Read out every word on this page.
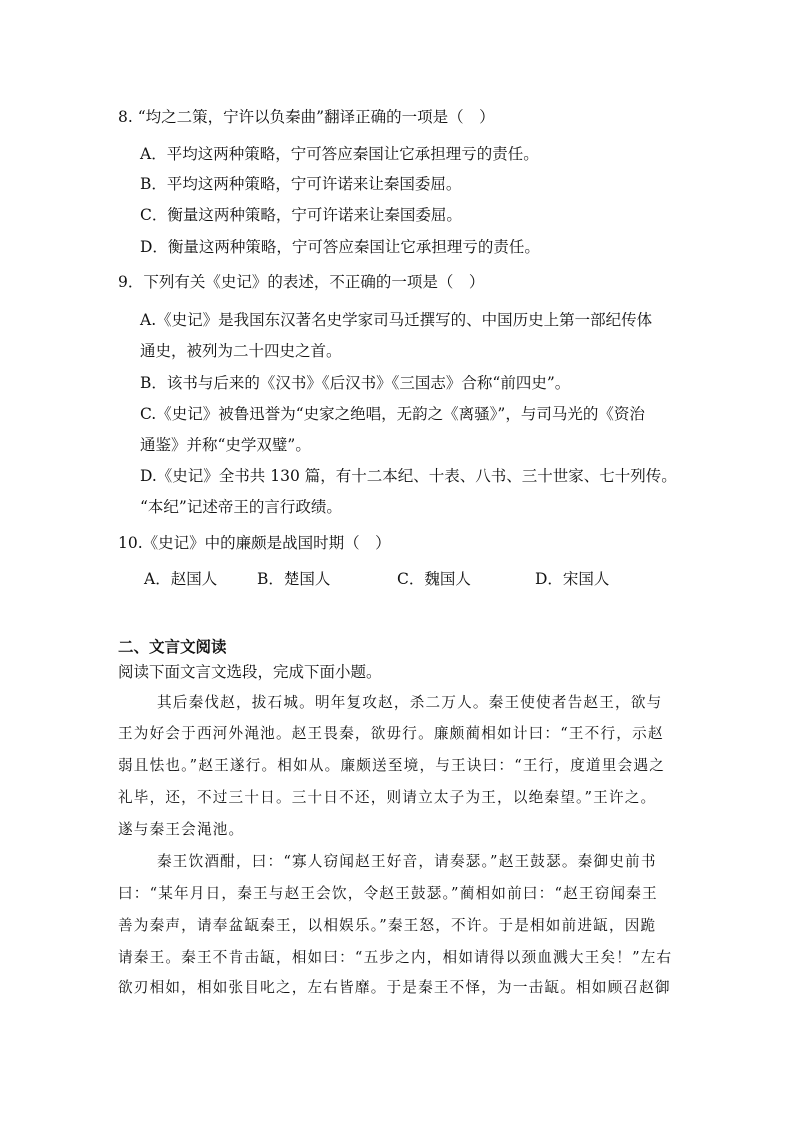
8. “均之二策，宁许以负秦曲”翻译正确的一项是（　）
A．平均这两种策略，宁可答应秦国让它承担理亏的责任。
B．平均这两种策略，宁可许诺来让秦国委屈。
C．衡量这两种策略，宁可许诺来让秦国委屈。
D．衡量这两种策略，宁可答应秦国让它承担理亏的责任。
9．下列有关《史记》的表述，不正确的一项是（　）
A.《史记》是我国东汉著名史学家司马迁撰写的、中国历史上第一部纪传体
通史，被列为二十四史之首。
B．该书与后来的《汉书》《后汉书》《三国志》合称“前四史”。
C.《史记》被鲁迅誉为“史家之绝唱，无韵之《离骚》”，与司马光的《资治
通鉴》并称“史学双璧”。
D.《史记》全书共 130 篇，有十二本纪、十表、八书、三十世家、七十列传。
“本纪”记述帝王的言行政绩。
10.《史记》中的廉颇是战国时期（　）
A．赵国人	B．楚国人	C．魏国人	D．宋国人
二、文言文阅读
阅读下面文言文选段，完成下面小题。
其后秦伐赵，拔石城。明年复攻赵，杀二万人。秦王使使者告赵王，欲与
王为好会于西河外渑池。赵王畏秦，欲毋行。廉颇蔺相如计曰：“王不行，示赵
弱且怯也。”赵王遂行。相如从。廉颇送至境，与王诀曰：“王行，度道里会遇之
礼毕，还，不过三十日。三十日不还，则请立太子为王，以绝秦望。”王许之。
遂与秦王会渑池。
秦王饮酒酣，曰：“寡人窃闻赵王好音，请奏瑟。”赵王鼓瑟。秦御史前书
曰：“某年月日，秦王与赵王会饮，令赵王鼓瑟。”蔺相如前曰：“赵王窃闻秦王
善为秦声，请奉盆缻秦王，以相娱乐。”秦王怒，不许。于是相如前进缻，因跪
请秦王。秦王不肯击缻，相如曰：“五步之内，相如请得以颈血溅大王矣！”左右
欲刃相如，相如张目叱之，左右皆靡。于是秦王不怿，为一击缻。相如顾召赵御
